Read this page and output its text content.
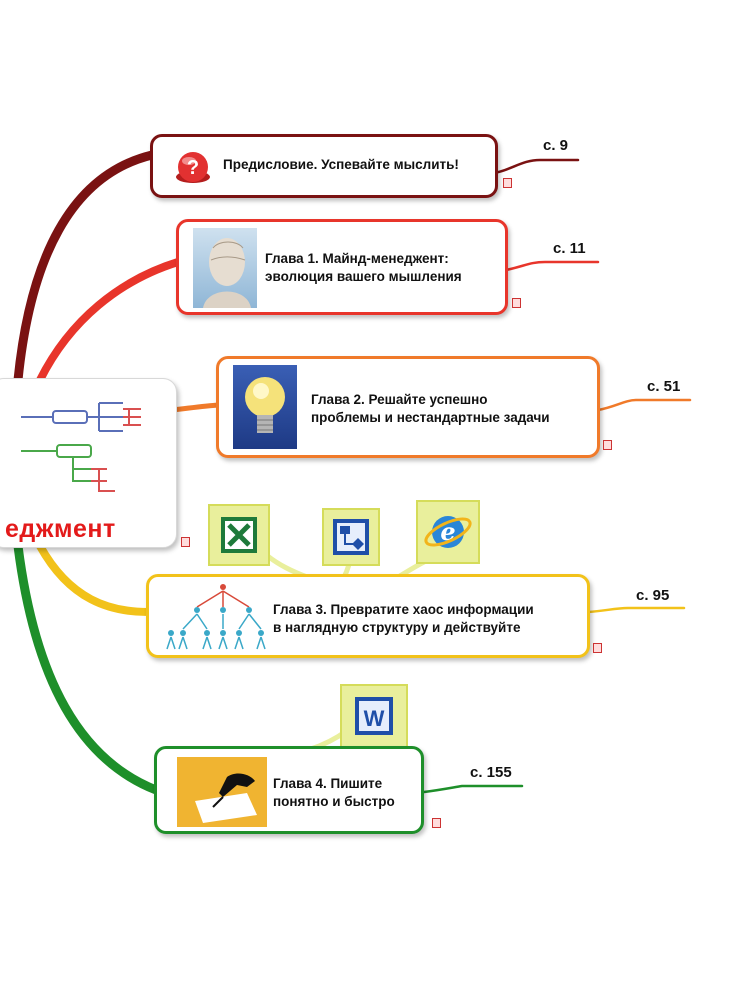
еджмент
? Предисловие. Успевайте мыслить!
с. 9
Глава 1. Майнд-менеджент:
эволюция вашего мышления
с. 11
Глава 2. Решайте успешно
проблемы и нестандартные задачи
с. 51
e
Глава 3. Превратите хаос информации
в наглядную структуру и действуйте
с. 95
W
Глава 4. Пишите
понятно и быстро
с. 155
